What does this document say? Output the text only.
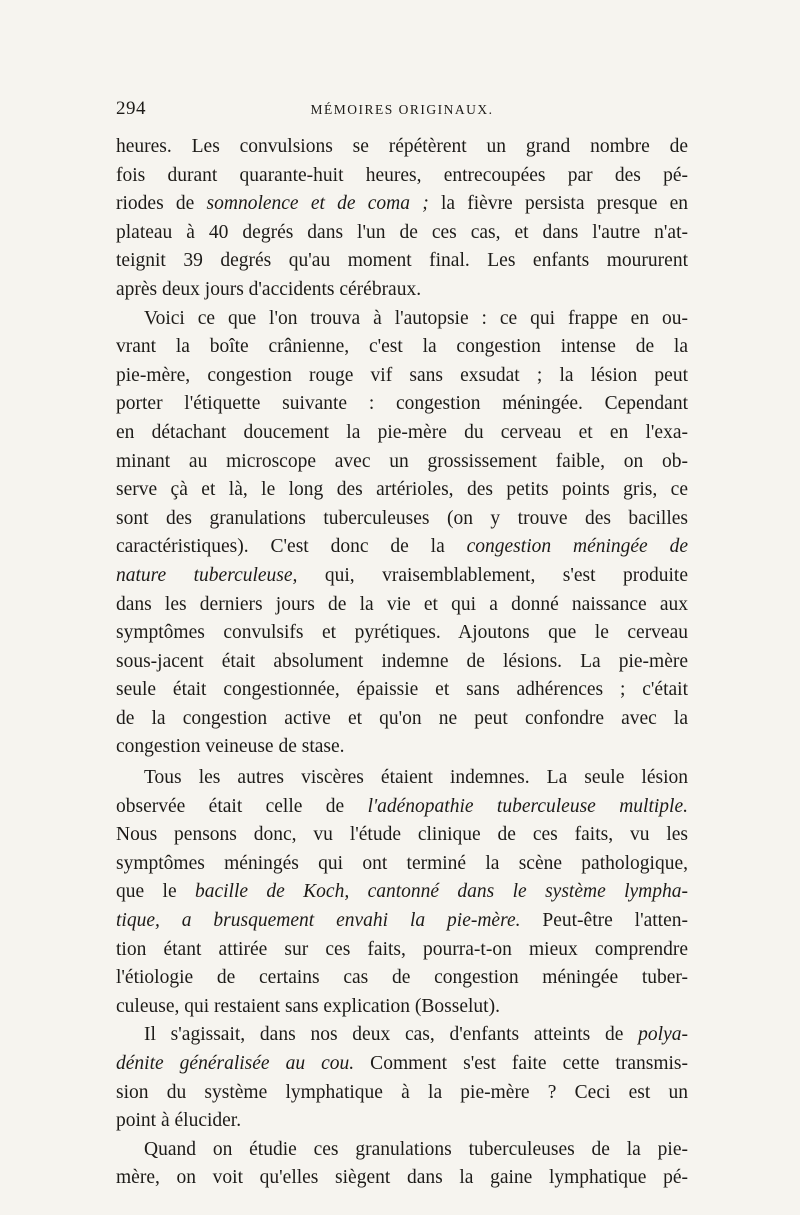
294	MÉMOIRES ORIGINAUX.
heures. Les convulsions se répétèrent un grand nombre de
fois durant quarante-huit heures, entrecoupées par des pé-
riodes de somnolence et de coma ; la fièvre persista presque en
plateau à 40 degrés dans l'un de ces cas, et dans l'autre n'at-
teignit 39 degrés qu'au moment final. Les enfants moururent
après deux jours d'accidents cérébraux.
Voici ce que l'on trouva à l'autopsie : ce qui frappe en ou-
vrant la boîte crânienne, c'est la congestion intense de la
pie-mère, congestion rouge vif sans exsudat ; la lésion peut
porter l'étiquette suivante : congestion méningée. Cependant
en détachant doucement la pie-mère du cerveau et en l'exa-
minant au microscope avec un grossissement faible, on ob-
serve çà et là, le long des artérioles, des petits points gris, ce
sont des granulations tuberculeuses (on y trouve des bacilles
caractéristiques). C'est donc de la congestion méningée de
nature tuberculeuse, qui, vraisemblablement, s'est produite
dans les derniers jours de la vie et qui a donné naissance aux
symptômes convulsifs et pyrétiques. Ajoutons que le cerveau
sous-jacent était absolument indemne de lésions. La pie-mère
seule était congestionnée, épaissie et sans adhérences ; c'était
de la congestion active et qu'on ne peut confondre avec la
congestion veineuse de stase.
Tous les autres viscères étaient indemnes. La seule lésion
observée était celle de l'adénopathie tuberculeuse multiple.
Nous pensons donc, vu l'étude clinique de ces faits, vu les
symptômes méningés qui ont terminé la scène pathologique,
que le bacille de Koch, cantonné dans le système lympha-
tique, a brusquement envahi la pie-mère. Peut-être l'atten-
tion étant attirée sur ces faits, pourra-t-on mieux comprendre
l'étiologie de certains cas de congestion méningée tuber-
culeuse, qui restaient sans explication (Bosselut).
Il s'agissait, dans nos deux cas, d'enfants atteints de polya-
dénite généralisée au cou. Comment s'est faite cette transmis-
sion du système lymphatique à la pie-mère ? Ceci est un
point à élucider.
Quand on étudie ces granulations tuberculeuses de la pie-
mère, on voit qu'elles siègent dans la gaine lymphatique pé-
